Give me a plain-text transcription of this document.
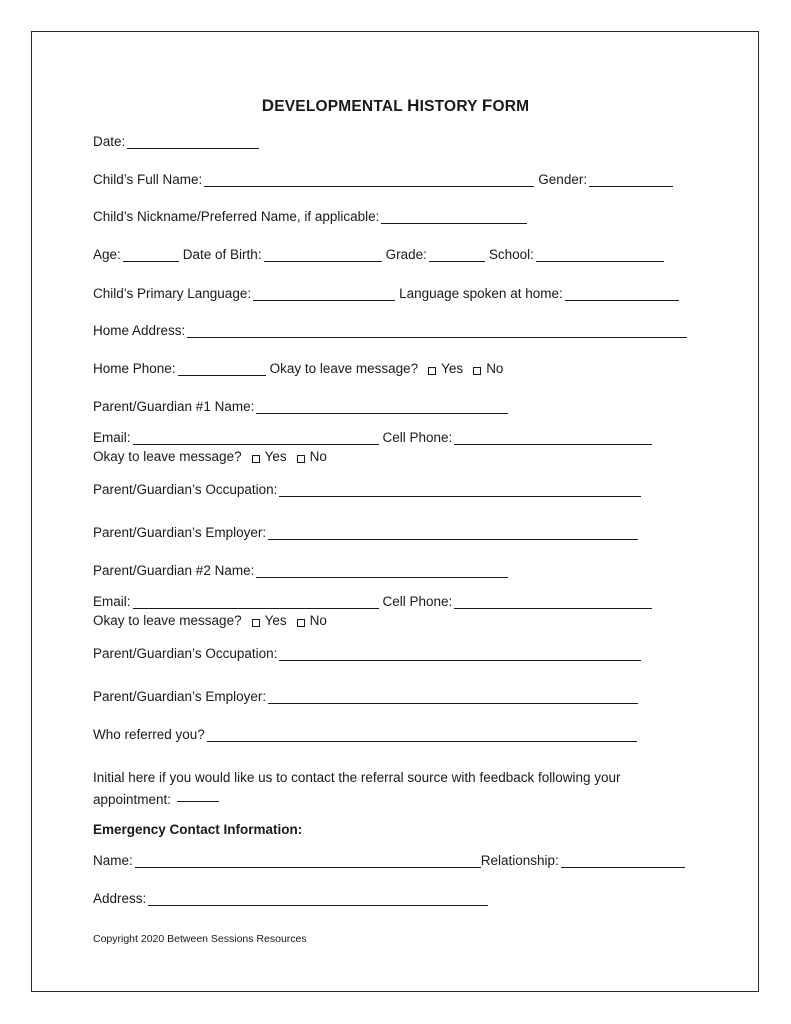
DEVELOPMENTAL HISTORY FORM
Date:
Child’s Full Name:	Gender:
Child’s Nickname/Preferred Name, if applicable:
Age:	Date of Birth:	Grade:	School:
Child’s Primary Language:	Language spoken at home:
Home Address:
Home Phone:	Okay to leave message? Yes No
Parent/Guardian #1 Name:
Email:	Cell Phone:
Okay to leave message? Yes No
Parent/Guardian’s Occupation:
Parent/Guardian’s Employer:
Parent/Guardian #2 Name:
Email:	Cell Phone:
Okay to leave message? Yes No
Parent/Guardian’s Occupation:
Parent/Guardian’s Employer:
Who referred you?
Initial here if you would like us to contact the referral source with feedback following your appointment:
Emergency Contact Information:
Name:	Relationship:
Address:
Copyright 2020 Between Sessions Resources
